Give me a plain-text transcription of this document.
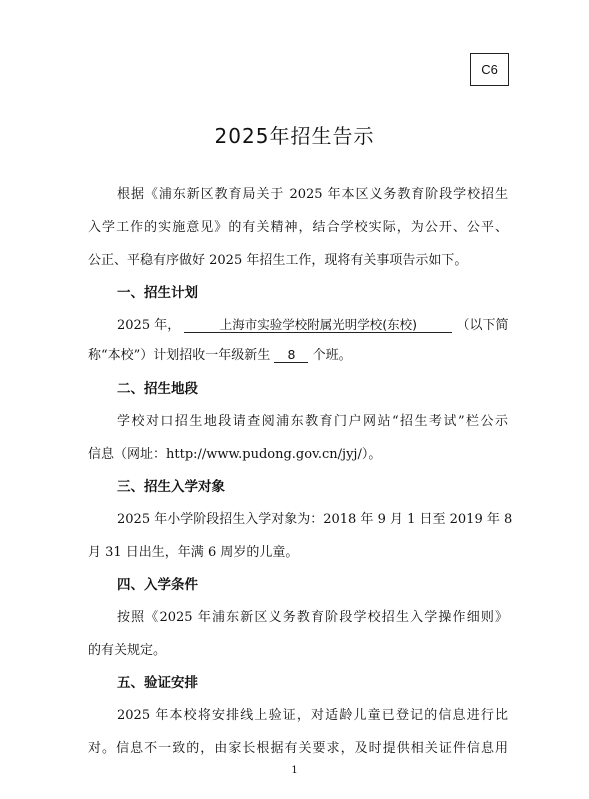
C6
2025年招生告示
根据《浦东新区教育局关于 2025 年本区义务教育阶段学校招生
入学工作的实施意见》的有关精神，结合学校实际，为公开、公平、
公正、平稳有序做好 2025 年招生工作，现将有关事项告示如下。
一、招生计划
2025 年，	上海市实验学校附属光明学校(东校)	（以下简
称“本校”）计划招收一年级新生 8 个班。
二、招生地段
学校对口招生地段请查阅浦东教育门户网站“招生考试”栏公示
信息（网址：http://www.pudong.gov.cn/jyj/）。
三、招生入学对象
2025 年小学阶段招生入学对象为：2018 年 9 月 1 日至 2019 年 8
月 31 日出生，年满 6 周岁的儿童。
四、入学条件
按照《2025 年浦东新区义务教育阶段学校招生入学操作细则》
的有关规定。
五、验证安排
2025 年本校将安排线上验证，对适龄儿童已登记的信息进行比
对。信息不一致的，由家长根据有关要求，及时提供相关证件信息用
1
